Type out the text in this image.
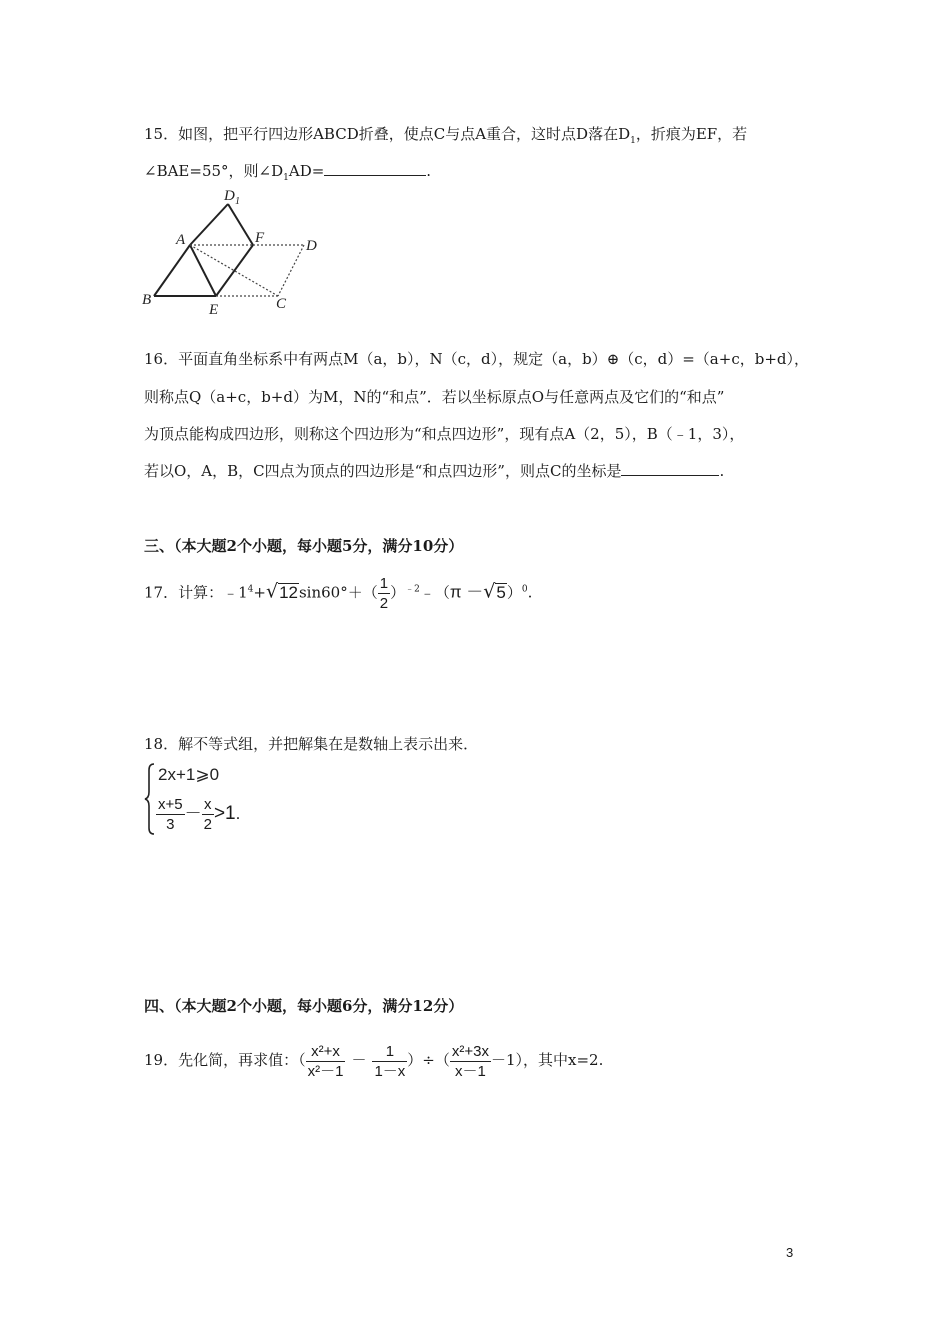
15．如图，把平行四边形ABCD折叠，使点C与点A重合，这时点D落在$D_1$，折痕为EF，若
∠BAE=55°，则$\angle D_1AD=$	.
D 1
A	F	D
B
E	C
16．平面直角坐标系中有两点M（a，b），N（c，d），规定（a，b）⊕（c，d）=（a+c，b+d），
则称点Q（a+c，b+d）为M，N的“和点”．若以坐标原点O与任意两点及它们的“和点”
为顶点能构成四边形，则称这个四边形为“和点四边形”，现有点A（2，5），B（﹣1，3），
若以O，A，B，C四点为顶点的四边形是“和点四边形”，则点C的坐标是	.
三、（本大题2个小题，每小题5分，满分10分）
17．计算：$﹣1^4+√12\sin 60^\circ+( \frac{1}{2}$ ）$^{﹣2}$﹣（π －√5）$^0$.
18．解不等式组，并把解集在是数轴上表示出来．
2x+1⩾0
$\frac{x+5}{3} - \frac{x}{2} >1$.
四、（本大题2个小题，每小题6分，满分12分）
19．先化简，再求值：（ $\frac{\text{x²+x}}{\text{x²－1}} - \frac{1}{1-x}$ ）÷（ $\frac{\text{x²+3x}}{x-1} -1$），其中x=2.
3
